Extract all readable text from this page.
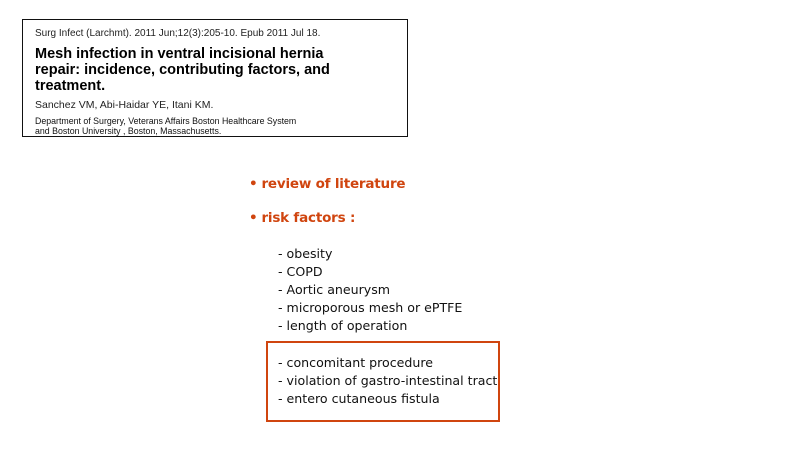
Surg Infect (Larchmt). 2011 Jun;12(3):205-10. Epub 2011 Jul 18.

Mesh infection in ventral incisional hernia
repair: incidence, contributing factors, and
treatment.

Sanchez VM, Abi-Haidar YE, Itani KM.

Department of Surgery, Veterans Affairs Boston Healthcare System
and Boston University , Boston, Massachusetts.
• review of literature
• risk factors :
- obesity
- COPD
- Aortic aneurysm
- microporous mesh or ePTFE
- length of operation
- concomitant procedure
- violation of gastro-intestinal tract
- entero cutaneous fistula
